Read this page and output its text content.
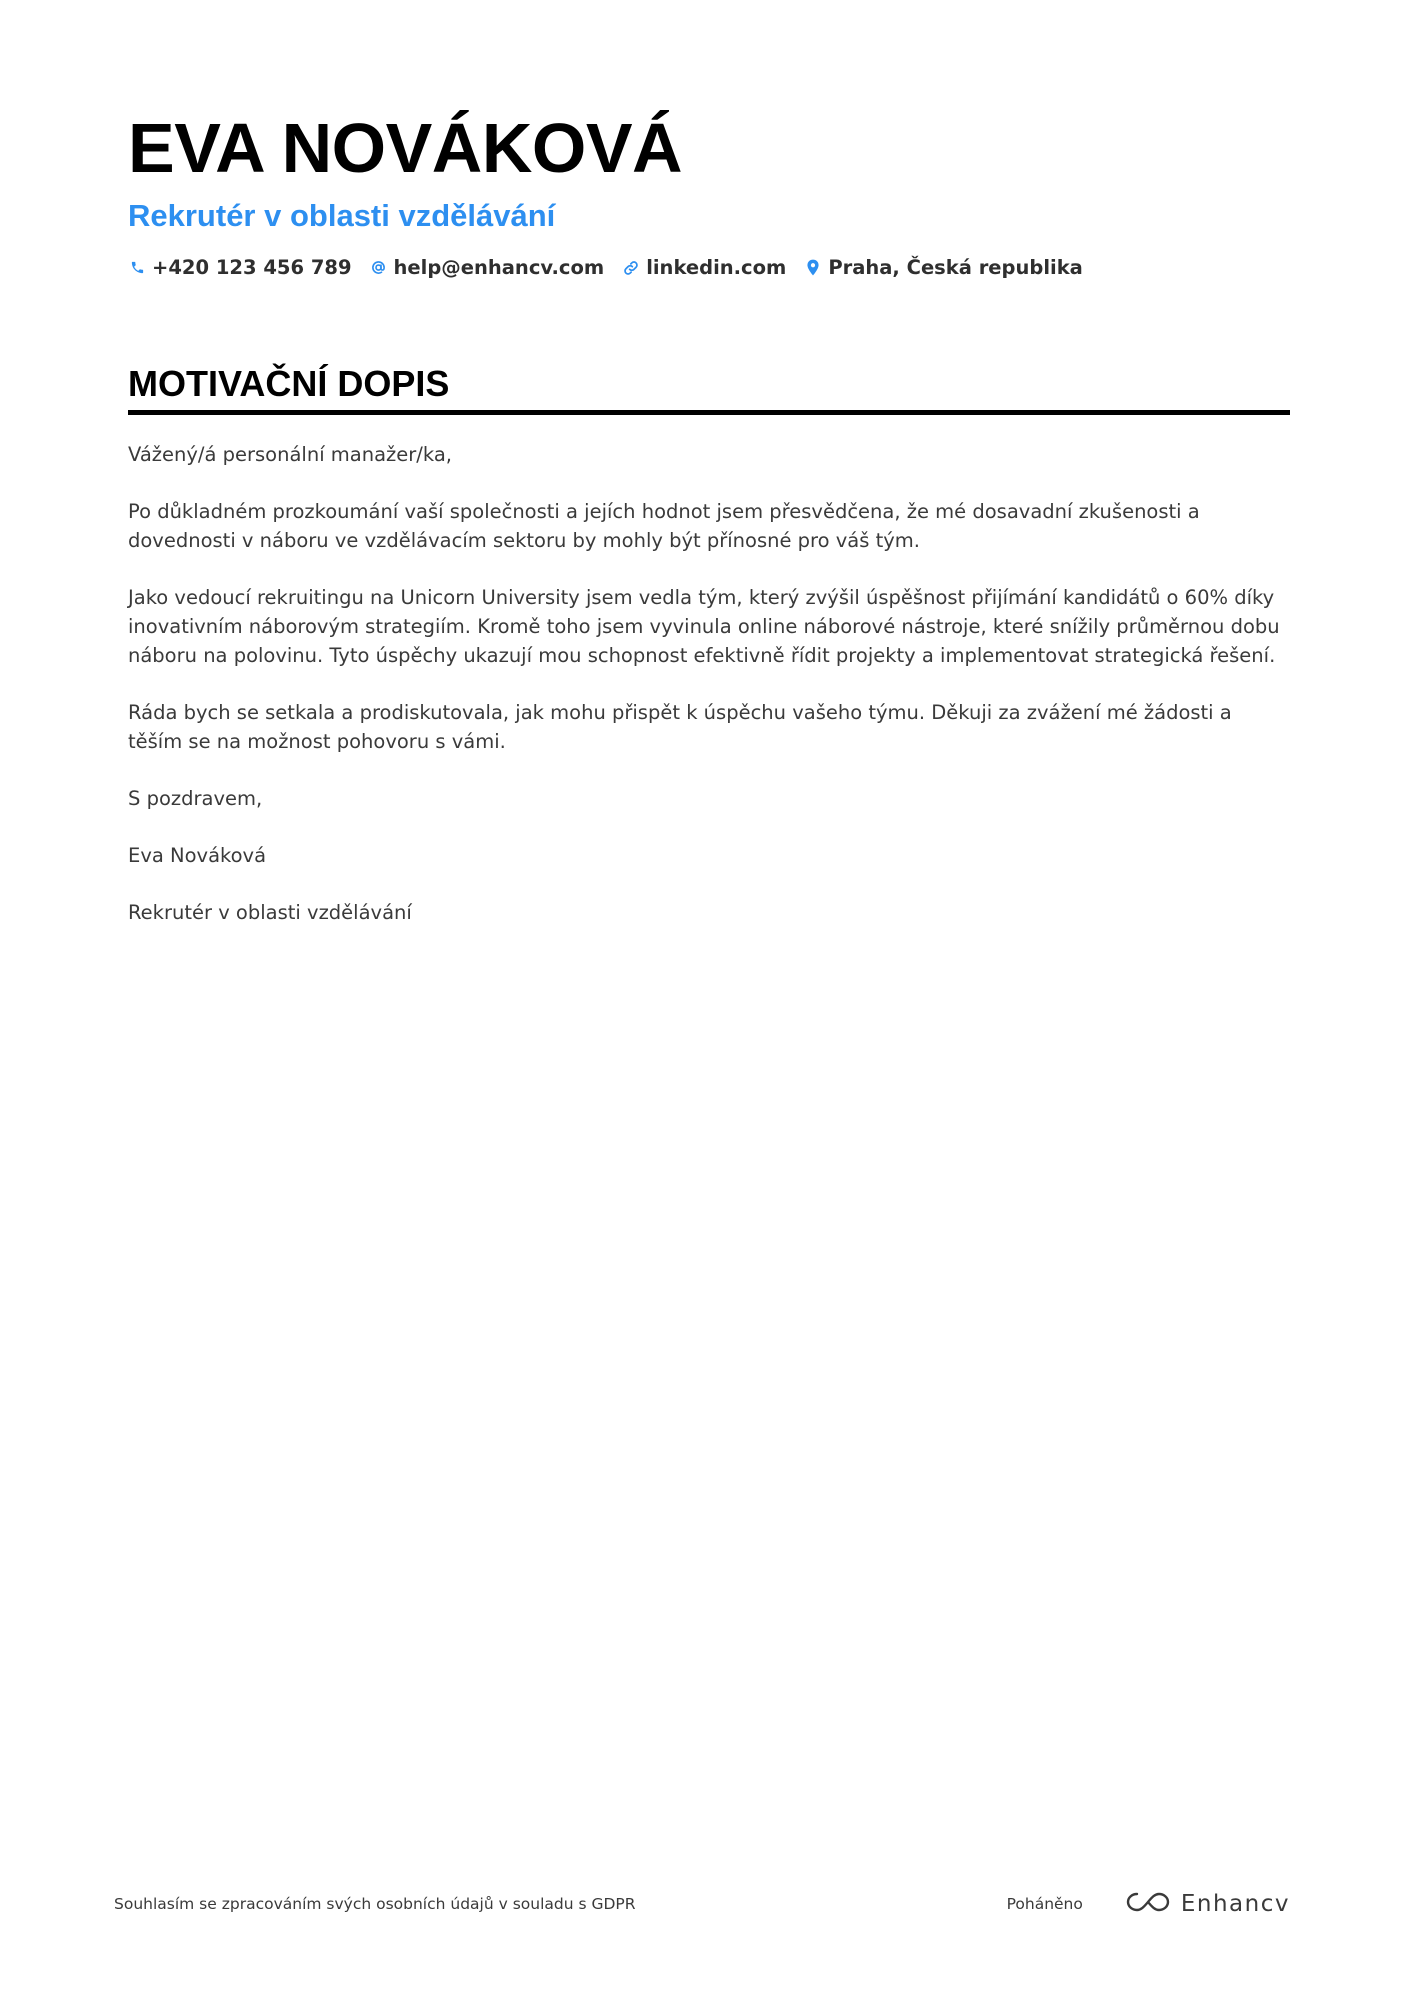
EVA NOVÁKOVÁ
Rekrutér v oblasti vzdělávání
+420 123 456 789 help@enhancv.com linkedin.com Praha, Česká republika
MOTIVAČNÍ DOPIS

Vážený/á personální manažer/ka,

Po důkladném prozkoumání vaší společnosti a jejích hodnot jsem přesvědčena, že mé dosavadní zkušenosti a dovednosti v náboru ve vzdělávacím sektoru by mohly být přínosné pro váš tým.

Jako vedoucí rekruitingu na Unicorn University jsem vedla tým, který zvýšil úspěšnost přijímání kandidátů o 60% díky inovativním náborovým strategiím. Kromě toho jsem vyvinula online náborové nástroje, které snížily průměrnou dobu náboru na polovinu. Tyto úspěchy ukazují mou schopnost efektivně řídit projekty a implementovat strategická řešení.

Ráda bych se setkala a prodiskutovala, jak mohu přispět k úspěchu vašeho týmu. Děkuji za zvážení mé žádosti a těším se na možnost pohovoru s vámi.

S pozdravem,

Eva Nováková

Rekrutér v oblasti vzdělávání

Souhlasím se zpracováním svých osobních údajů v souladu s GDPR	Poháněno	Enhancv
